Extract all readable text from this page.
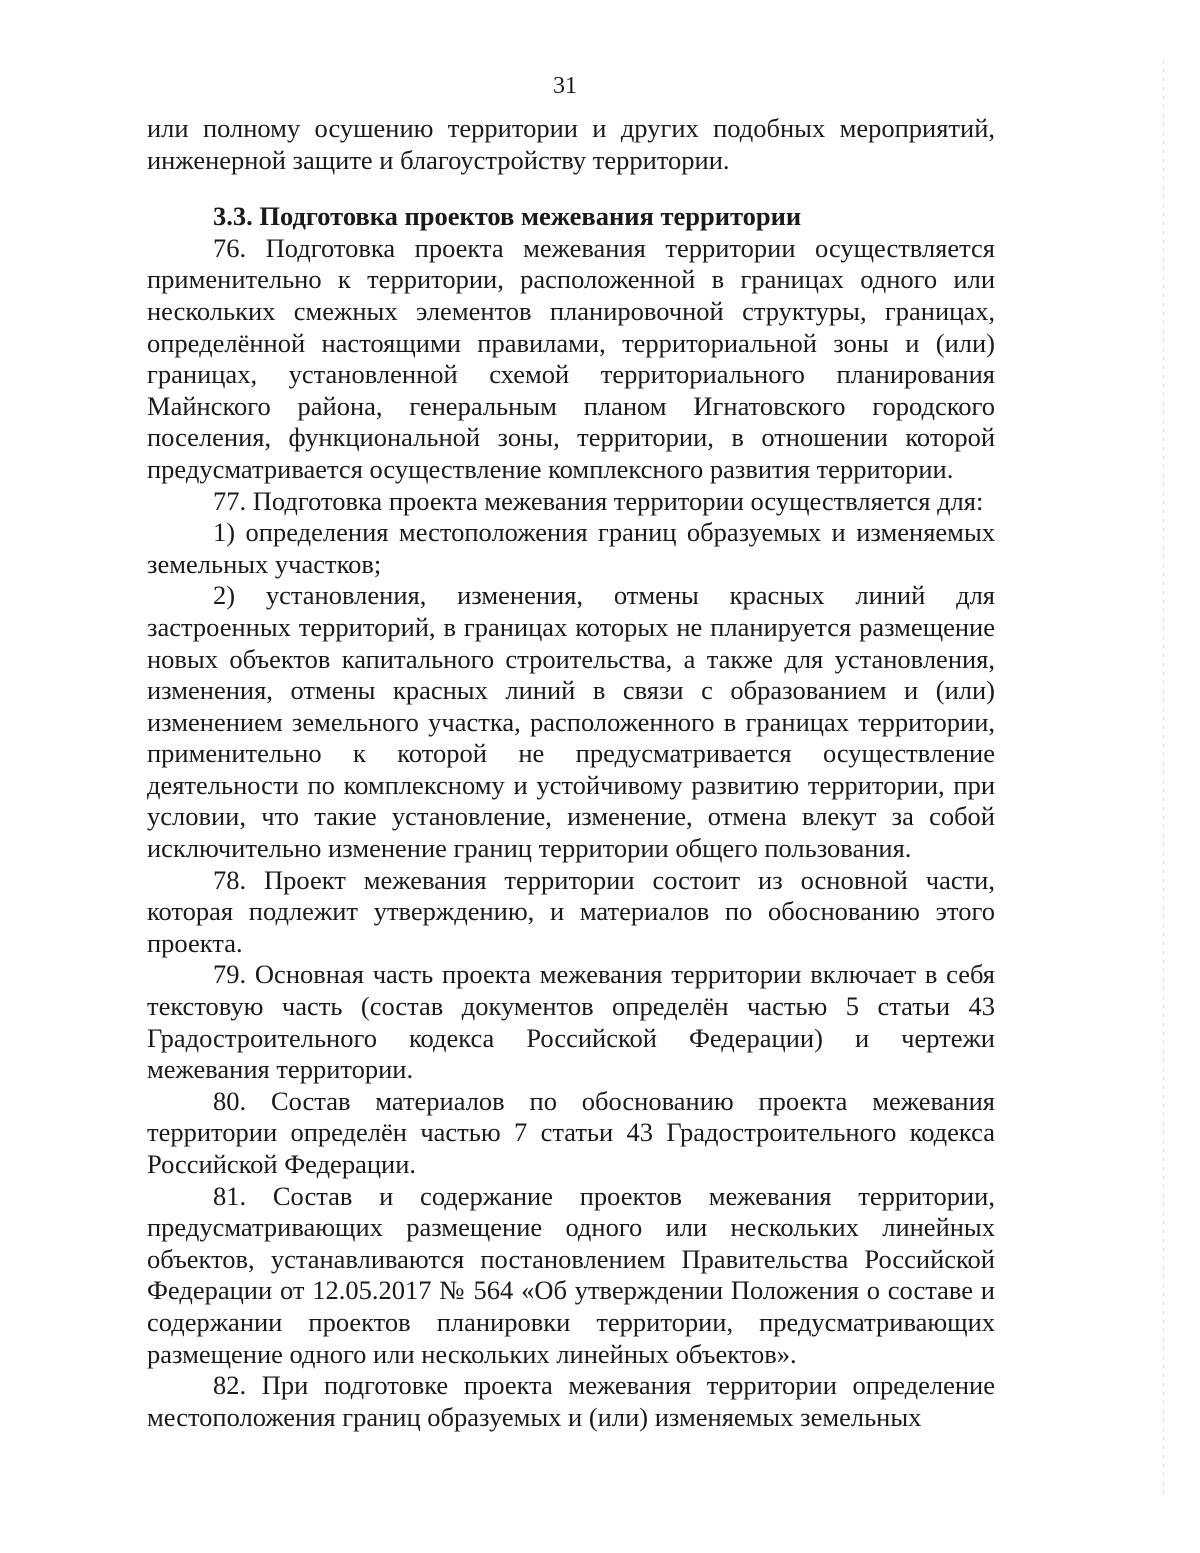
31

или полному осушению территории и других подобных мероприятий, инженерной защите и благоустройству территории.

3.3. Подготовка проектов межевания территории

76. Подготовка проекта межевания территории осуществляется применительно к территории, расположенной в границах одного или нескольких смежных элементов планировочной структуры, границах, определённой настоящими правилами, территориальной зоны и (или) границах, установленной схемой территориального планирования Майнского района, генеральным планом Игнатовского городского поселения, функциональной зоны, территории, в отношении которой предусматривается осуществление комплексного развития территории.

77. Подготовка проекта межевания территории осуществляется для:

1) определения местоположения границ образуемых и изменяемых земельных участков;

2) установления, изменения, отмены красных линий для застроенных территорий, в границах которых не планируется размещение новых объектов капитального строительства, а также для установления, изменения, отмены красных линий в связи с образованием и (или) изменением земельного участка, расположенного в границах территории, применительно к которой не предусматривается осуществление деятельности по комплексному и устойчивому развитию территории, при условии, что такие установление, изменение, отмена влекут за собой исключительно изменение границ территории общего пользования.

78. Проект межевания территории состоит из основной части, которая подлежит утверждению, и материалов по обоснованию этого проекта.

79. Основная часть проекта межевания территории включает в себя текстовую часть (состав документов определён частью 5 статьи 43 Градостроительного кодекса Российской Федерации) и чертежи межевания территории.

80. Состав материалов по обоснованию проекта межевания территории определён частью 7 статьи 43 Градостроительного кодекса Российской Федерации.

81. Состав и содержание проектов межевания территории, предусматривающих размещение одного или нескольких линейных объектов, устанавливаются постановлением Правительства Российской Федерации от 12.05.2017 № 564 «Об утверждении Положения о составе и содержании проектов планировки территории, предусматривающих размещение одного или нескольких линейных объектов».

82. При подготовке проекта межевания территории определение местоположения границ образуемых и (или) изменяемых земельных
